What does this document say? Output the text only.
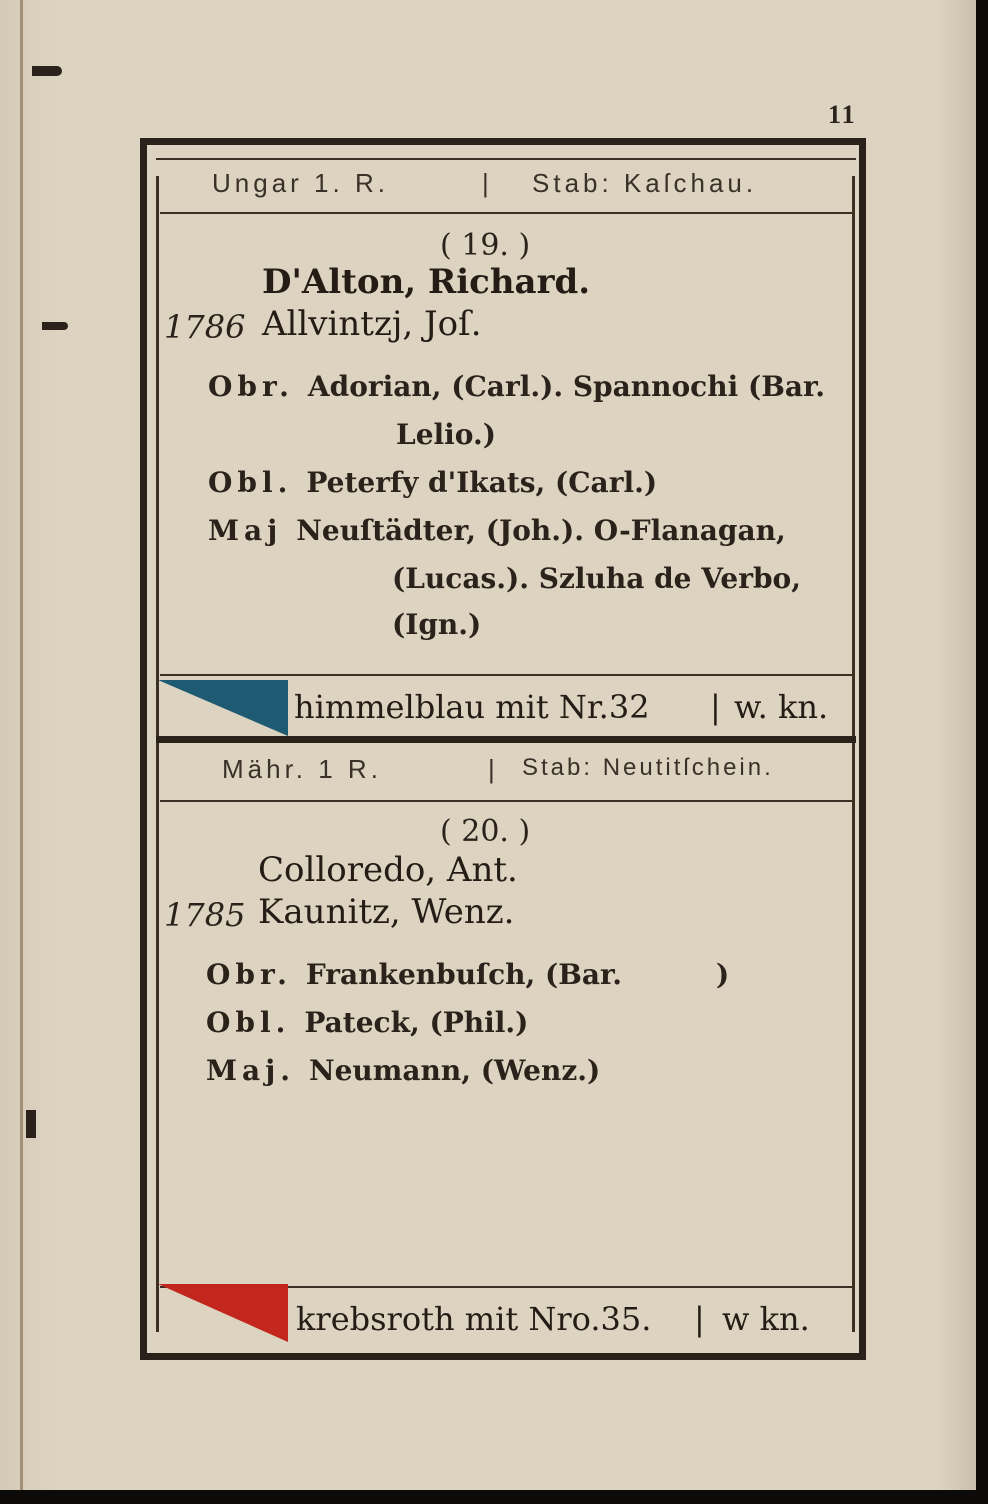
11
Ungar 1. R.	| Stab: Kaſchau.
( 19. )
D'Alton, Richard.
1786 Allvintzj, Joſ.
Obr. Adorian, (Carl.). Spannochi (Bar.
Lelio.)
Obl. Peterfy d'Ikats, (Carl.)
Maj Neuſtädter, (Joh.). O-Flanagan,
(Lucas.). Szluha de Verbo,
(Ign.)
himmelblau mit Nr.32 | w. kn.
Mähr. 1 R.	| Stab: Neutitſchein.
( 20. )
Colloredo, Ant.
1785 Kaunitz, Wenz.
Obr. Frankenbuſch, (Bar.	)
Obl. Pateck, (Phil.)
Maj. Neumann, (Wenz.)
krebsroth mit Nro.35. | w kn.
